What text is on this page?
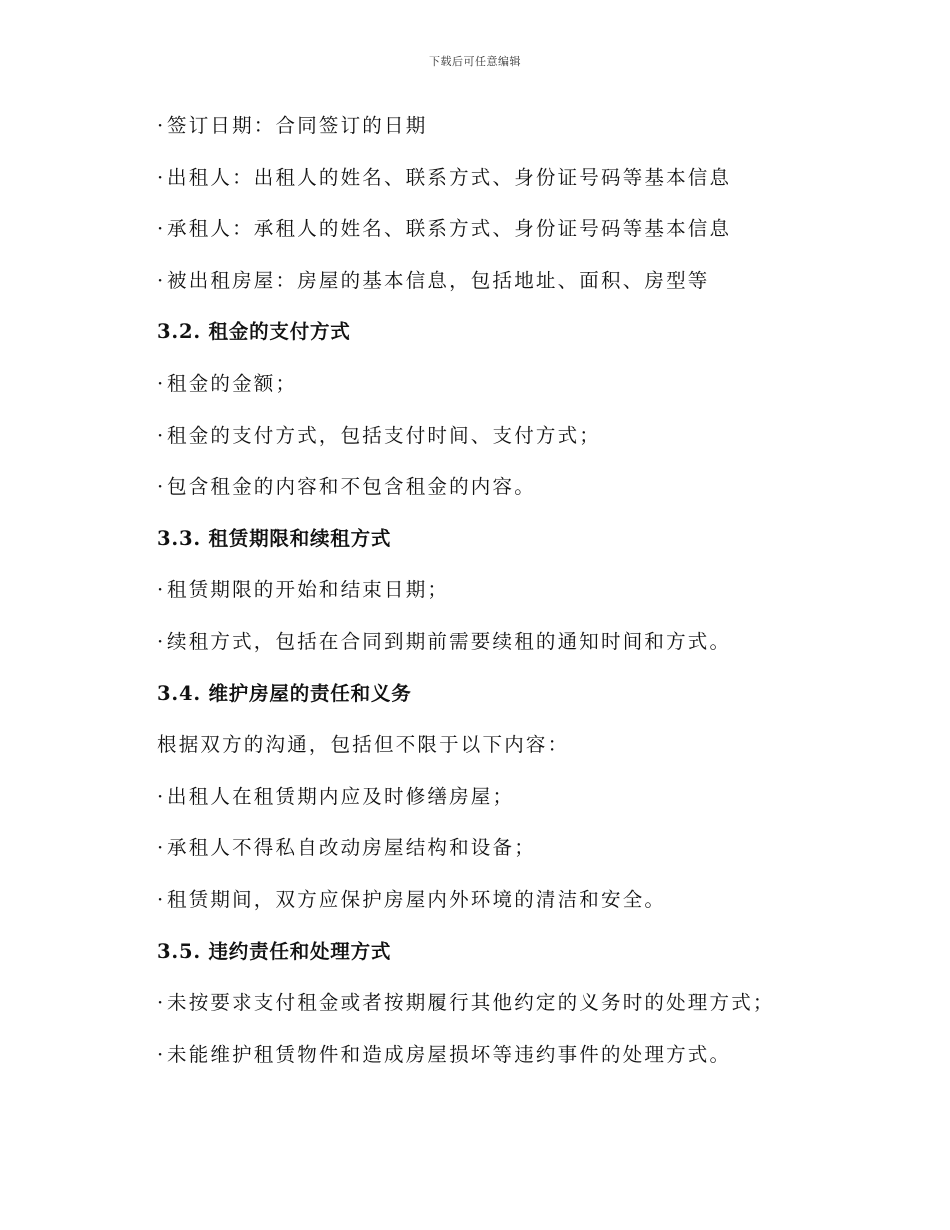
下载后可任意编辑
· 签订日期：合同签订的日期
· 出租人：出租人的姓名、联系方式、身份证号码等基本信息
· 承租人：承租人的姓名、联系方式、身份证号码等基本信息
· 被出租房屋：房屋的基本信息，包括地址、面积、房型等
3.2. 租金的支付方式
· 租金的金额；
· 租金的支付方式，包括支付时间、支付方式；
· 包含租金的内容和不包含租金的内容。
3.3. 租赁期限和续租方式
· 租赁期限的开始和结束日期；
· 续租方式，包括在合同到期前需要续租的通知时间和方式。
3.4. 维护房屋的责任和义务
根据双方的沟通，包括但不限于以下内容：
· 出租人在租赁期内应及时修缮房屋；
· 承租人不得私自改动房屋结构和设备；
· 租赁期间，双方应保护房屋内外环境的清洁和安全。
3.5. 违约责任和处理方式
· 未按要求支付租金或者按期履行其他约定的义务时的处理方式；
· 未能维护租赁物件和造成房屋损坏等违约事件的处理方式。
